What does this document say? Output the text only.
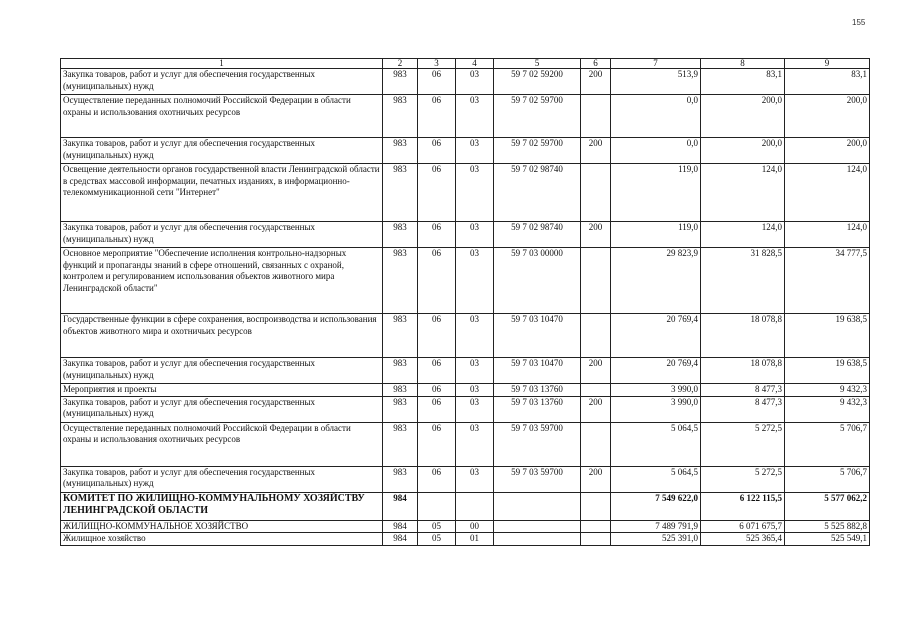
155
1	2	3	4	5	6	7	8	9
Закупка товаров, работ и услуг для обеспечения государственных (муниципальных) нужд	983	06	03	59 7 02 59200	200	513,9	83,1	83,1
Осуществление переданных полномочий Российской Федерации в области охраны и использования охотничьих ресурсов	983	06	03	59 7 02 59700		0,0	200,0	200,0
Закупка товаров, работ и услуг для обеспечения государственных (муниципальных) нужд	983	06	03	59 7 02 59700	200	0,0	200,0	200,0
Освещение деятельности органов государственной власти Ленинградской области в средствах массовой информации, печатных изданиях, в информационно-телекоммуникационной сети "Интернет"	983	06	03	59 7 02 98740		119,0	124,0	124,0
Закупка товаров, работ и услуг для обеспечения государственных (муниципальных) нужд	983	06	03	59 7 02 98740	200	119,0	124,0	124,0
Основное мероприятие "Обеспечение исполнения контрольно-надзорных функций и пропаганды знаний в сфере отношений, связанных с охраной, контролем и регулированием использования объектов животного мира Ленинградской области"	983	06	03	59 7 03 00000		29 823,9	31 828,5	34 777,5
Государственные функции в сфере сохранения, воспроизводства и использования объектов животного мира и охотничьих ресурсов	983	06	03	59 7 03 10470		20 769,4	18 078,8	19 638,5
Закупка товаров, работ и услуг для обеспечения государственных (муниципальных) нужд	983	06	03	59 7 03 10470	200	20 769,4	18 078,8	19 638,5
Мероприятия и проекты	983	06	03	59 7 03 13760		3 990,0	8 477,3	9 432,3
Закупка товаров, работ и услуг для обеспечения государственных (муниципальных) нужд	983	06	03	59 7 03 13760	200	3 990,0	8 477,3	9 432,3
Осуществление переданных полномочий Российской Федерации в области охраны и использования охотничьих ресурсов	983	06	03	59 7 03 59700		5 064,5	5 272,5	5 706,7
Закупка товаров, работ и услуг для обеспечения государственных (муниципальных) нужд	983	06	03	59 7 03 59700	200	5 064,5	5 272,5	5 706,7
КОМИТЕТ ПО ЖИЛИЩНО-КОММУНАЛЬНОМУ ХОЗЯЙСТВУ ЛЕНИНГРАДСКОЙ ОБЛАСТИ	984					7 549 622,0	6 122 115,5	5 577 062,2
ЖИЛИЩНО-КОММУНАЛЬНОЕ ХОЗЯЙСТВО	984	05	00			7 489 791,9	6 071 675,7	5 525 882,8
Жилищное хозяйство	984	05	01			525 391,0	525 365,4	525 549,1
